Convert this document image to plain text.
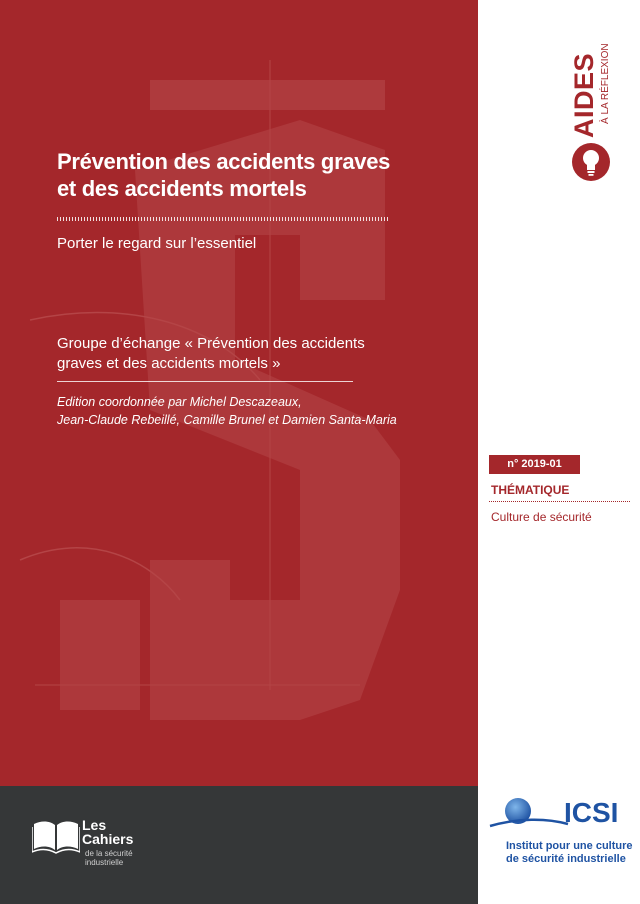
Prévention des accidents graves
et des accidents mortels
Porter le regard sur l’essentiel
Groupe d’échange « Prévention des accidents
graves et des accidents mortels »
Edition coordonnée par Michel Descazeaux,
Jean-Claude Rebeillé, Camille Brunel et Damien Santa-Maria
Les
Cahiers
de la sécurité
industrielle
AIDES À LA RÉFLEXION
n° 2019-01
THÉMATIQUE
Culture de sécurité
ICSI
Institut pour une culture
de sécurité industrielle
